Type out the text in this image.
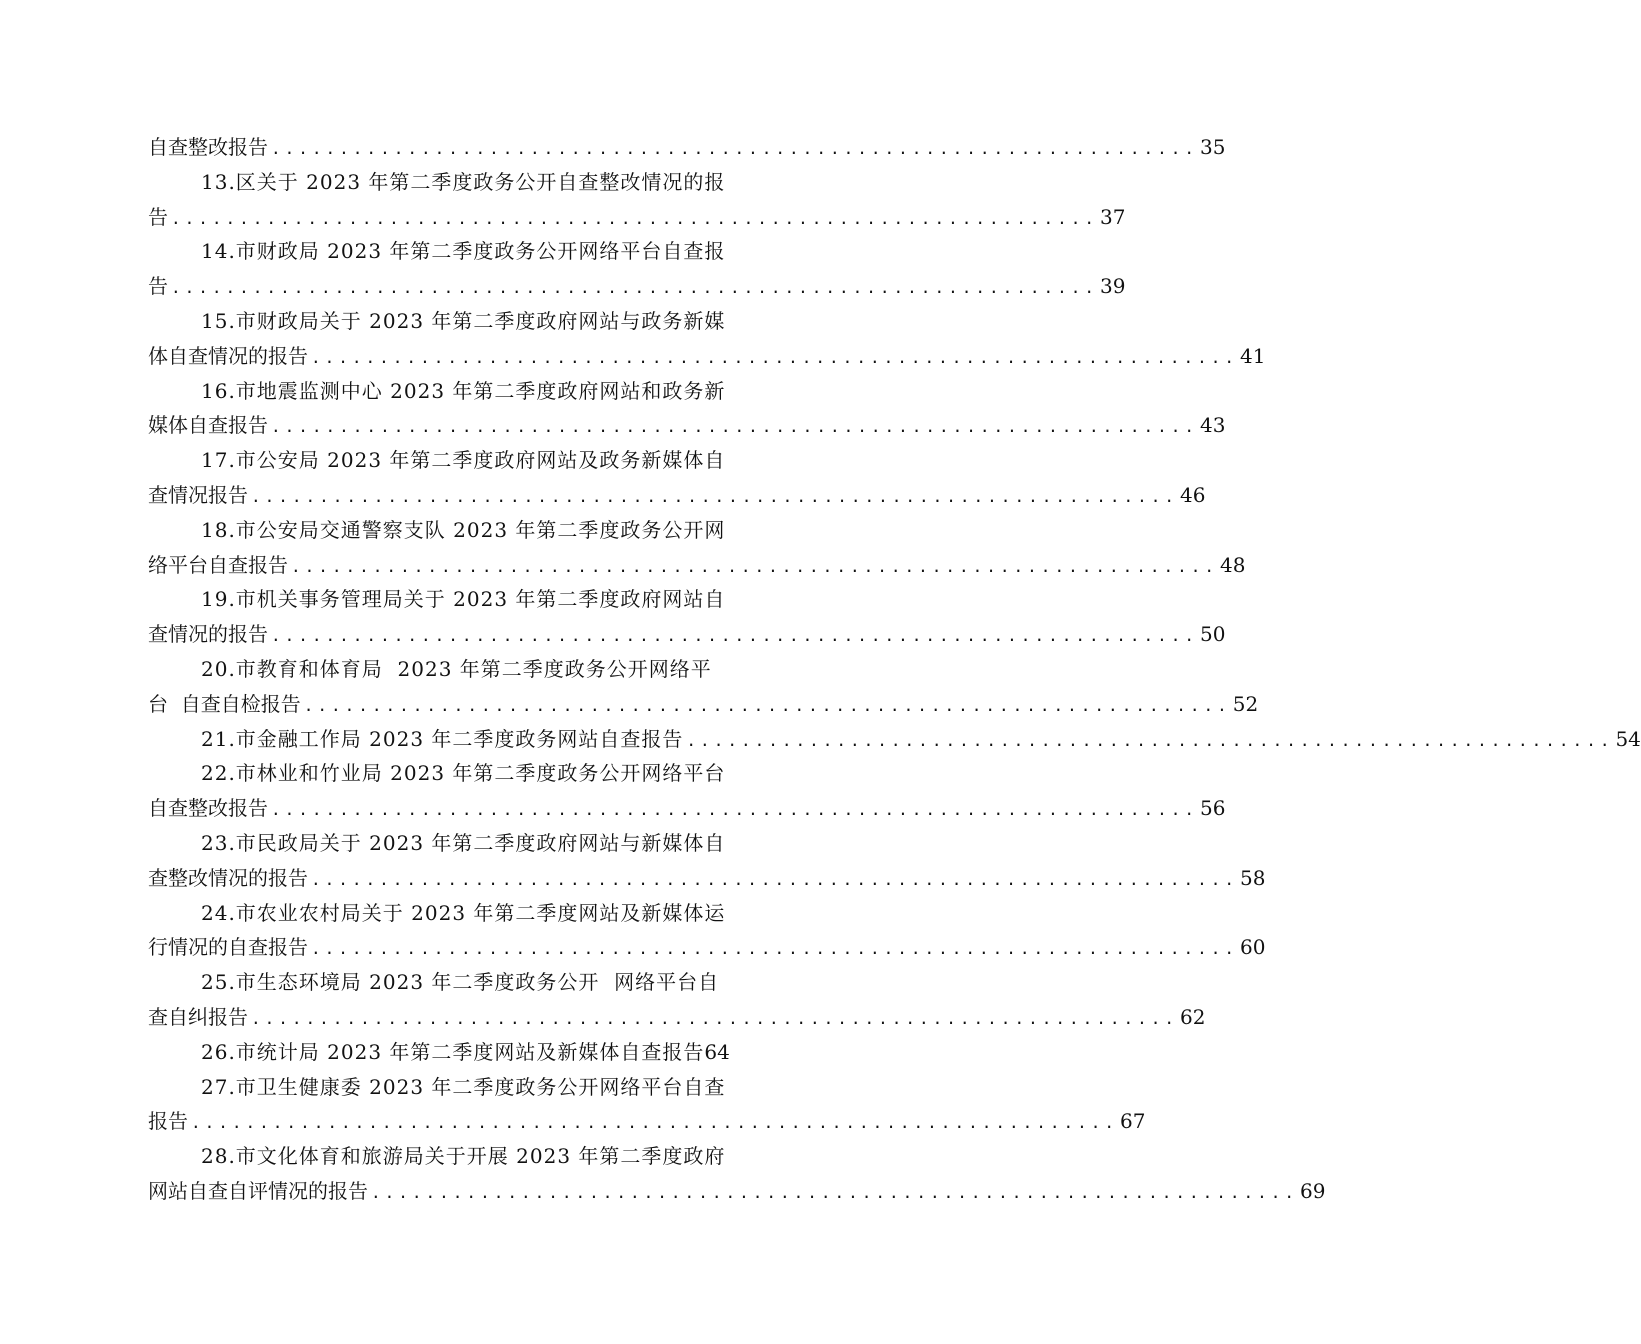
自查整改报告 .................................................................... 35
13.区关于 2023 年第二季度政务公开自查整改情况的报
告 .................................................................... 37
14.市财政局 2023 年第二季度政务公开网络平台自查报
告 .................................................................... 39
15.市财政局关于 2023 年第二季度政府网站与政务新媒
体自查情况的报告 .................................................................... 41
16.市地震监测中心 2023 年第二季度政府网站和政务新
媒体自查报告 .................................................................... 43
17.市公安局 2023 年第二季度政府网站及政务新媒体自
查情况报告 .................................................................... 46
18.市公安局交通警察支队 2023 年第二季度政务公开网
络平台自查报告 .................................................................... 48
19.市机关事务管理局关于 2023 年第二季度政府网站自
查情况的报告 .................................................................... 50
20.市教育和体育局  2023 年第二季度政务公开网络平
台  自查自检报告 .................................................................... 52
21.市金融工作局 2023 年二季度政务网站自查报告 .................................................................... 54
22.市林业和竹业局 2023 年第二季度政务公开网络平台
自查整改报告 .................................................................... 56
23.市民政局关于 2023 年第二季度政府网站与新媒体自
查整改情况的报告 .................................................................... 58
24.市农业农村局关于 2023 年第二季度网站及新媒体运
行情况的自查报告 .................................................................... 60
25.市生态环境局 2023 年二季度政务公开  网络平台自
查自纠报告 .................................................................... 62
26.市统计局 2023 年第二季度网站及新媒体自查报告 64
27.市卫生健康委 2023 年二季度政务公开网络平台自查
报告 .................................................................... 67
28.市文化体育和旅游局关于开展 2023 年第二季度政府
网站自查自评情况的报告 .................................................................... 69
